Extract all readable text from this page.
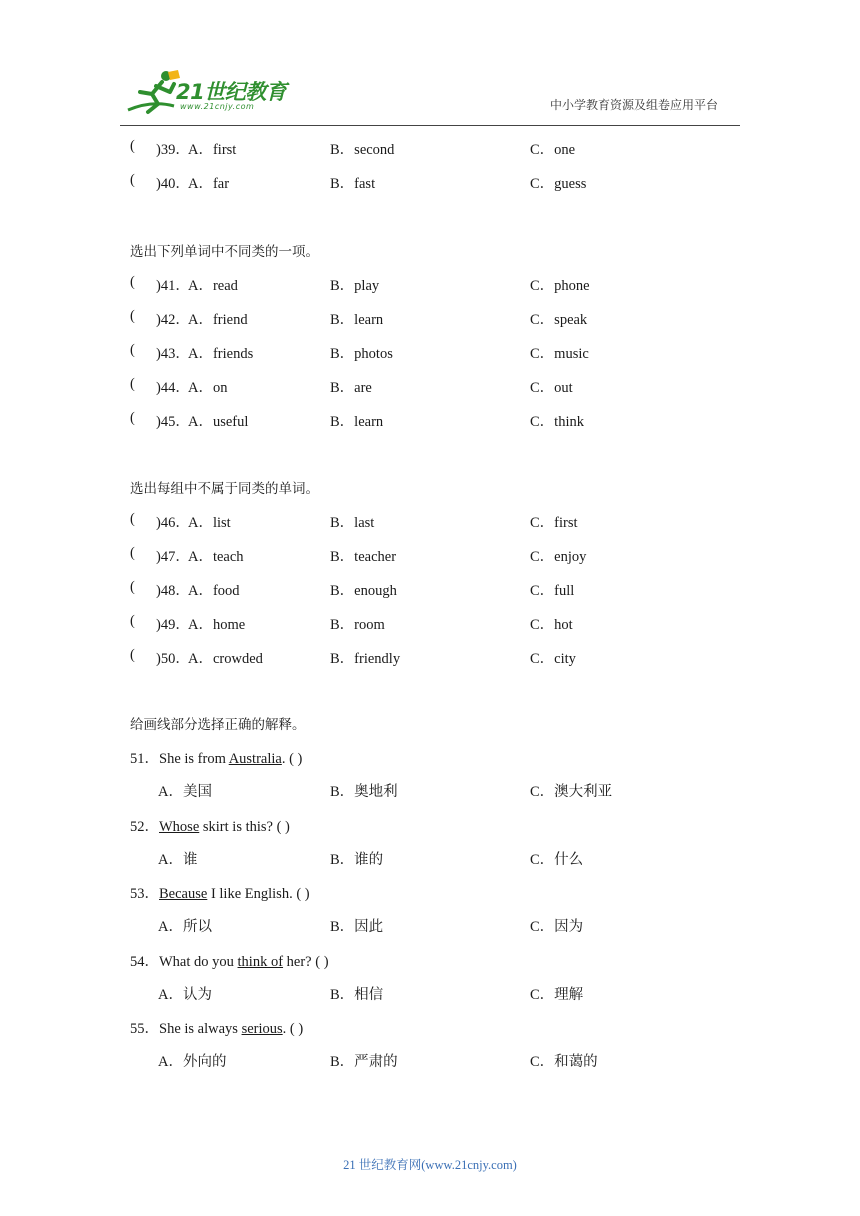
21世纪教育
www.21cnjy.com	中小学教育资源及组卷应用平台
( )39．
A．first	B．second	C．one
( )40．
A．far	B．fast	C．guess
选出下列单词中不同类的一项。
( )41．
A．read	B．play	C．phone
( )42．
A．friend	B．learn	C．speak
( )43．
A．friends	B．photos	C．music
( )44．
A．on	B．are	C．out
( )45．
A．useful	B．learn	C．think
选出每组中不属于同类的单词。
( )46．
A．list	B．last	C．first
( )47．
A．teach	B．teacher	C．enjoy
( )48．
A．food	B．enough	C．full
( )49．
A．home	B．room	C．hot
( )50．
A．crowded	B．friendly	C．city
给画线部分选择正确的解释。
51．She is from Australia. ( )
A．美国	B．奥地利	C．澳大利亚
52．Whose skirt is this? ( )
A．谁	B．谁的	C．什么
53．Because I like English. ( )
A．所以	B．因此	C．因为
54．What do you think of her? ( )
A．认为	B．相信	C．理解
55．She is always serious. ( )
A．外向的	B．严肃的	C．和蔼的
21 世纪教育网(www.21cnjy.com)
